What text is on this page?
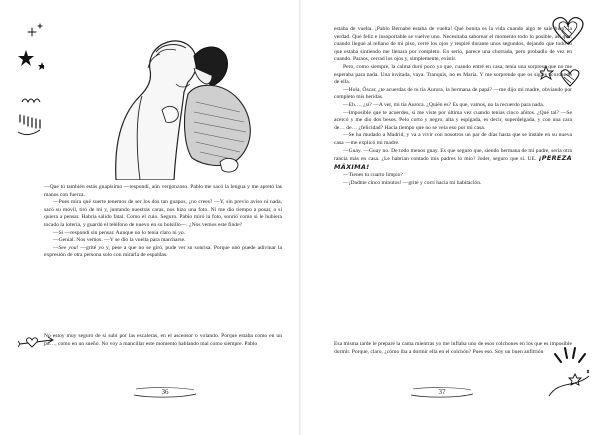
—Que tú también estás guapísimo —respondí, aún vergonzoso. Pablo me sacó la lengua y me apretó las manos con fuerza.

—Pues mira qué suerte tenemos de ser los dos tan guapos, ¿no crees? —Y, sin previo aviso ni nada, sacó su móvil, tiró de mí y, juntando nuestras caras, nos hizo una foto. Ni me dio tiempo a posar, o si quiera a pensar. Habría salido fatal. Como el culo. Seguro. Pablo miró la foto, sonrió como si le hubiera tocado la lotería, y guardó el teléfono de nuevo en su bolsillo—. ¿Nos vemos este finde?

—Sí —respondí sin pensar. Aunque no lo tenía claro ni yo.

—Genial. Nos vemos. —Y se dio la vuelta para marcharse.

—See you! —grité yo y, pese a que no se giró, pude ver su sonrisa. Porque uno puede adivinar la expresión de otra persona solo con mirarla de espaldas.

No estoy muy seguro de si subí por las escaleras, en el ascensor o volando. Porque estaba como en un pu…, como en un sueño. No voy a mancillar este momento hablando mal como siempre. Pablo

36

estaba de vuelta. ¡Pablo Bernabé estaba de vuelta! Qué bonita es la vida cuando algo te sale bien, la verdad. Qué feliz e insoportable se vuelve uno. Necesitaba saborear el momento todo lo posible, así que, cuando llegué al rellano de mi piso, cerré los ojos y respiré durante unos segundos, dejando que todo lo que estaba sintiendo me llenara por completo. En serio, parece una chorrada, pero probadlo de vez en cuando. Paraos, cerrad los ojos y, simplemente, existir.

Pero, como siempre, la calma duró poco ya que, cuando entré en casa, tenía una sorpresa que no me esperaba para nada. Una invitada, vaya. Tranquis, no es María. Y me sorprende que os sigáis acordando de ella.

—Hola, Óscar, ¿te acuerdas de tu tía Aurora, la hermana de papá? —me dijo mi madre, obviando por completo mis heridas.

—Eh…, ¿sí? —A ver, mi tía Aurora. ¿Quién es? Es que, vamos, no la recuerdo para nada.

—Imposible que te acuerdes, si me viste por última vez cuando tenías cinco añitos. ¿Qué tal? —Se acercó y me dio dos besos. Pelo corto y negro, alta y espigada, es decir, superdelgada, y con una cara de… de… ¿felicidad? Hacía tiempo que no se veía eso por mi casa.

—Se ha mudado a Madrid, y va a vivir con nosotros un par de días hasta que se instale en su nueva casa —me explicó mi madre.

—Guay. —Guay no. De todo menos guay. Es que seguro que, siendo hermana de mi padre, sería otra rancia más en casa. ¿Le habrían contado mis padres lo mío? Joder, seguro que sí. UE. ¡PEREZA MÁXIMA!

—Tienes tu cuarto limpio?

—¡Dadme cinco minutos! —grité y corrí hacia mi habitación.

Esa misma tarde le preparé la cama mientras yo me inflaba uno de esos colchones en los que es imposible dormir. Porque, claro, ¿cómo iba a dormir ella en el colchón? Pues eso. Soy un buen anfitrión

37
